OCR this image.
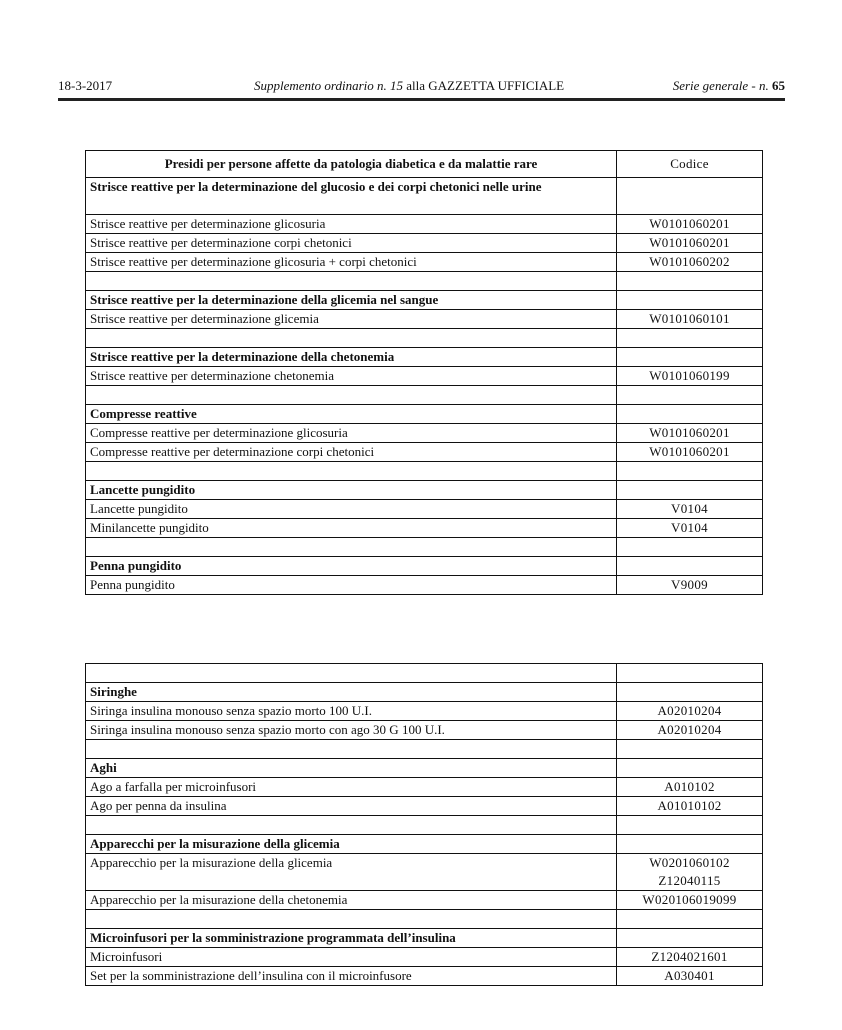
18-3-2017	Supplemento ordinario n. 15 alla GAZZETTA UFFICIALE	Serie generale - n. 65
Presidi per persone affette da patologia diabetica e da malattie rare	Codice
Strisce reattive per la determinazione del glucosio e dei corpi chetonici nelle urine	
Strisce reattive per determinazione glicosuria	W0101060201
Strisce reattive per determinazione corpi chetonici	W0101060201
Strisce reattive per determinazione glicosuria + corpi chetonici	W0101060202

Strisce reattive per la determinazione della glicemia nel sangue	
Strisce reattive per determinazione glicemia	W0101060101

Strisce reattive per la determinazione della chetonemia	
Strisce reattive per determinazione chetonemia	W0101060199

Compresse reattive	
Compresse reattive per determinazione glicosuria	W0101060201
Compresse reattive per determinazione corpi chetonici	W0101060201

Lancette pungidito	
Lancette pungidito	V0104
Minilancette pungidito	V0104

Penna pungidito	
Penna pungidito	V9009

Siringhe	
Siringa insulina monouso senza spazio morto 100 U.I.	A02010204
Siringa insulina monouso senza spazio morto con ago 30 G 100 U.I.	A02010204

Aghi	
Ago a farfalla per microinfusori	A010102
Ago per penna da insulina	A01010102

Apparecchi per la misurazione della glicemia	
Apparecchio per la misurazione della glicemia	W0201060102
Z12040115

Apparecchio per la misurazione della chetonemia	W020106019099

Microinfusori per la somministrazione programmata dell’insulina	
Microinfusori	Z1204021601
Set per la somministrazione dell’insulina con il microinfusore	A030401
